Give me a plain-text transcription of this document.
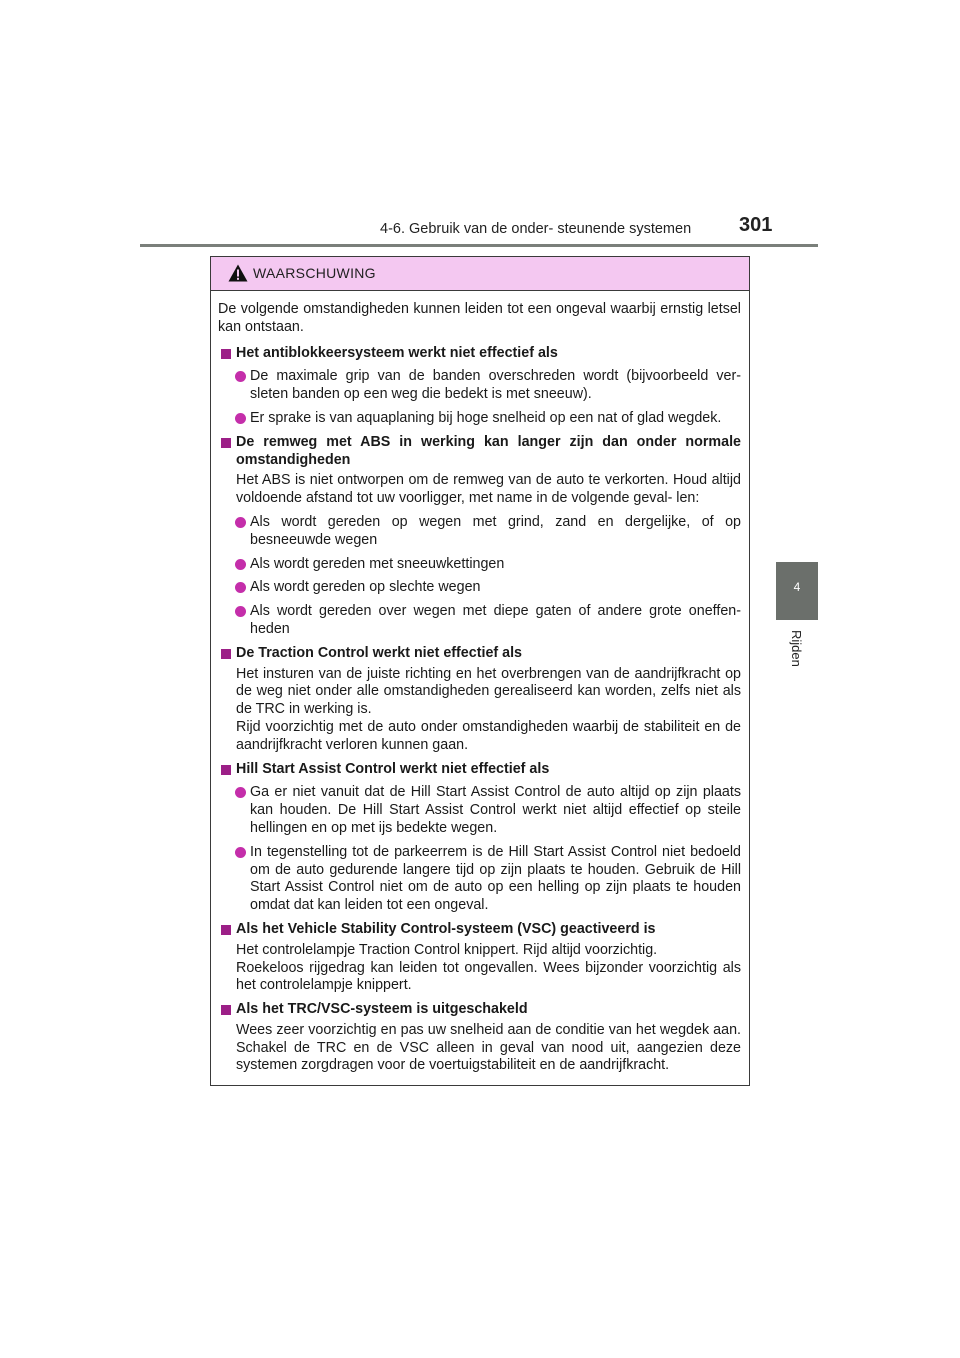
4-6. Gebruik van de onder- steunende systemen 301
4
Rijden
WAARSCHUWING
De volgende omstandigheden kunnen leiden tot een ongeval waarbij ernstig letsel kan ontstaan.
Het antiblokkeersysteem werkt niet effectief als
De maximale grip van de banden overschreden wordt (bijvoorbeeld ver- sleten banden op een weg die bedekt is met sneeuw).
Er sprake is van aquaplaning bij hoge snelheid op een nat of glad wegdek.
De remweg met ABS in werking kan langer zijn dan onder normale omstandigheden
Het ABS is niet ontworpen om de remweg van de auto te verkorten. Houd altijd voldoende afstand tot uw voorligger, met name in de volgende geval- len:
Als wordt gereden op wegen met grind, zand en dergelijke, of op besneeuwde wegen
Als wordt gereden met sneeuwkettingen
Als wordt gereden op slechte wegen
Als wordt gereden over wegen met diepe gaten of andere grote oneffen- heden
De Traction Control werkt niet effectief als
Het insturen van de juiste richting en het overbrengen van de aandrijfkracht op de weg niet onder alle omstandigheden gerealiseerd kan worden, zelfs niet als de TRC in werking is.
Rijd voorzichtig met de auto onder omstandigheden waarbij de stabiliteit en de aandrijfkracht verloren kunnen gaan.
Hill Start Assist Control werkt niet effectief als
Ga er niet vanuit dat de Hill Start Assist Control de auto altijd op zijn plaats kan houden. De Hill Start Assist Control werkt niet altijd effectief op steile hellingen en op met ijs bedekte wegen.
In tegenstelling tot de parkeerrem is de Hill Start Assist Control niet bedoeld om de auto gedurende langere tijd op zijn plaats te houden. Gebruik de Hill Start Assist Control niet om de auto op een helling op zijn plaats te houden omdat dat kan leiden tot een ongeval.
Als het Vehicle Stability Control-systeem (VSC) geactiveerd is
Het controlelampje Traction Control knippert. Rijd altijd voorzichtig.
Roekeloos rijgedrag kan leiden tot ongevallen. Wees bijzonder voorzichtig als het controlelampje knippert.
Als het TRC/VSC-systeem is uitgeschakeld
Wees zeer voorzichtig en pas uw snelheid aan de conditie van het wegdek aan. Schakel de TRC en de VSC alleen in geval van nood uit, aangezien deze systemen zorgdragen voor de voertuigstabiliteit en de aandrijfkracht.
